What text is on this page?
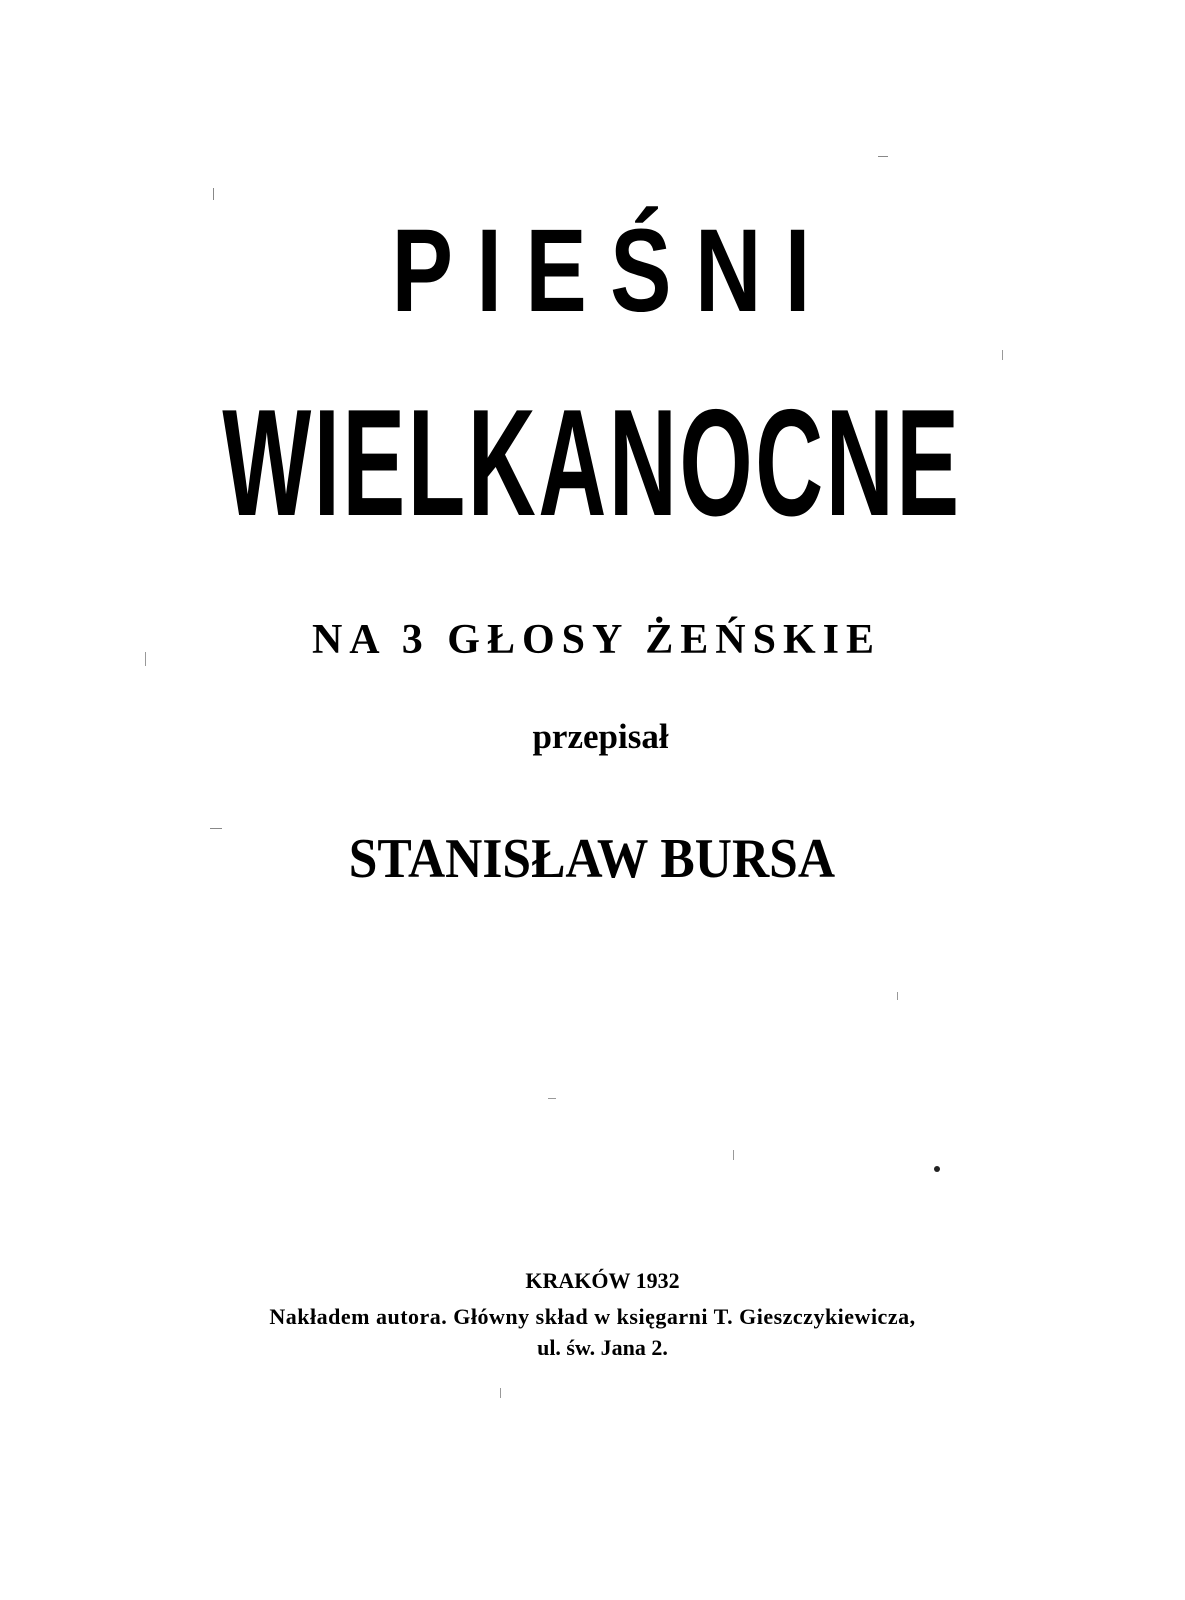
PIEŚNI
WIELKANOCNE
NA 3 GŁOSY ŻEŃSKIE
przepisał
STANISŁAW BURSA
KRAKÓW 1932
Nakładem autora. Główny skład w księgarni T. Gieszczykiewicza,
ul. św. Jana 2.
